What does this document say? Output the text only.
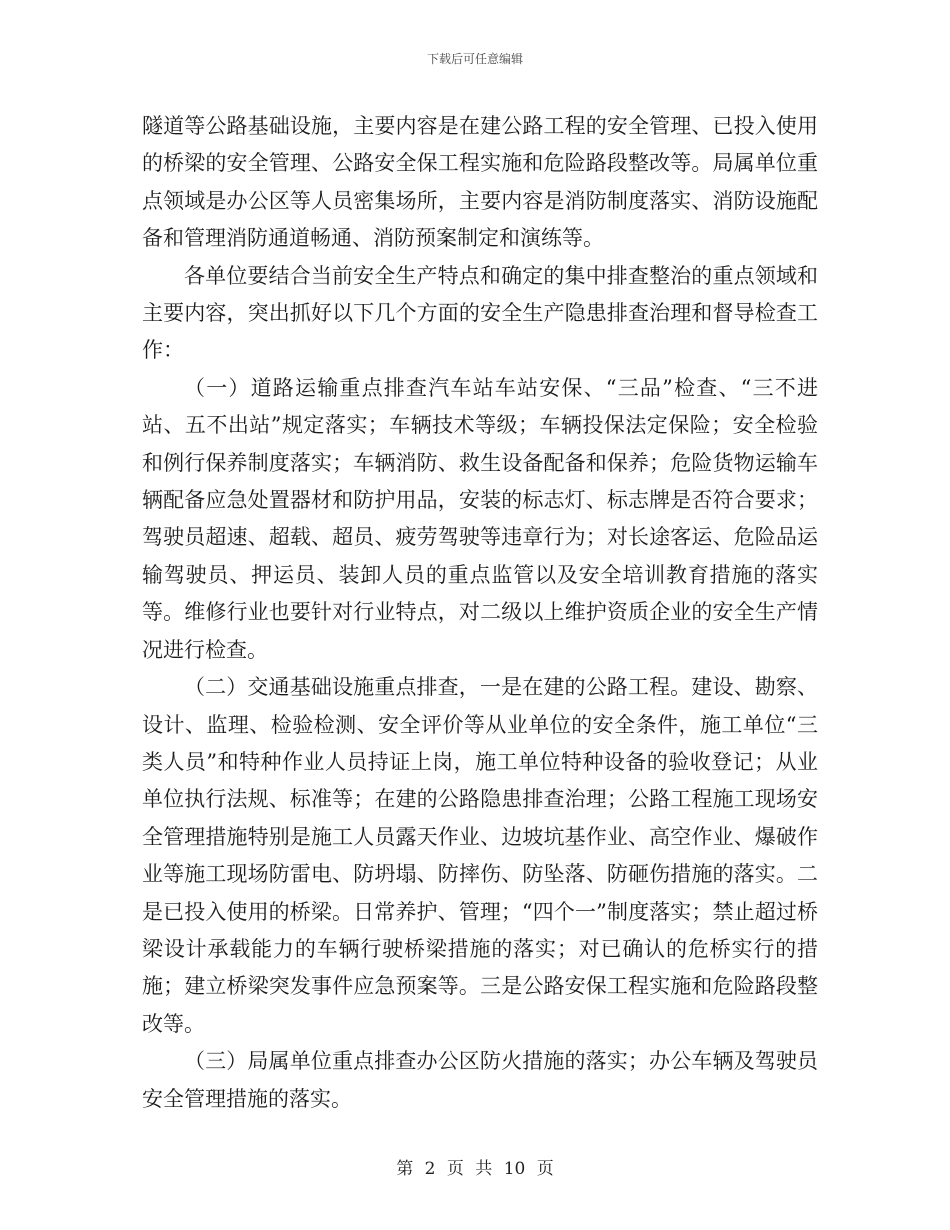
下载后可任意编辑

隧道等公路基础设施，主要内容是在建公路工程的安全管理、已投入使用的桥梁的安全管理、公路安全保工程实施和危险路段整改等。局属单位重点领域是办公区等人员密集场所，主要内容是消防制度落实、消防设施配备和管理消防通道畅通、消防预案制定和演练等。

各单位要结合当前安全生产特点和确定的集中排查整治的重点领域和主要内容，突出抓好以下几个方面的安全生产隐患排查治理和督导检查工作：

（一）道路运输重点排查汽车站车站安保、“三品”检查、“三不进站、五不出站”规定落实；车辆技术等级；车辆投保法定保险；安全检验和例行保养制度落实；车辆消防、救生设备配备和保养；危险货物运输车辆配备应急处置器材和防护用品，安装的标志灯、标志牌是否符合要求；驾驶员超速、超载、超员、疲劳驾驶等违章行为；对长途客运、危险品运输驾驶员、押运员、装卸人员的重点监管以及安全培训教育措施的落实等。维修行业也要针对行业特点，对二级以上维护资质企业的安全生产情况进行检查。

（二）交通基础设施重点排查，一是在建的公路工程。建设、勘察、设计、监理、检验检测、安全评价等从业单位的安全条件，施工单位“三类人员”和特种作业人员持证上岗，施工单位特种设备的验收登记；从业单位执行法规、标准等；在建的公路隐患排查治理；公路工程施工现场安全管理措施特别是施工人员露天作业、边坡坑基作业、高空作业、爆破作业等施工现场防雷电、防坍塌、防摔伤、防坠落、防砸伤措施的落实。二是已投入使用的桥梁。日常养护、管理；“四个一”制度落实；禁止超过桥梁设计承载能力的车辆行驶桥梁措施的落实；对已确认的危桥实行的措施；建立桥梁突发事件应急预案等。三是公路安保工程实施和危险路段整改等。

（三）局属单位重点排查办公区防火措施的落实；办公车辆及驾驶员安全管理措施的落实。

第 2 页 共 10 页
